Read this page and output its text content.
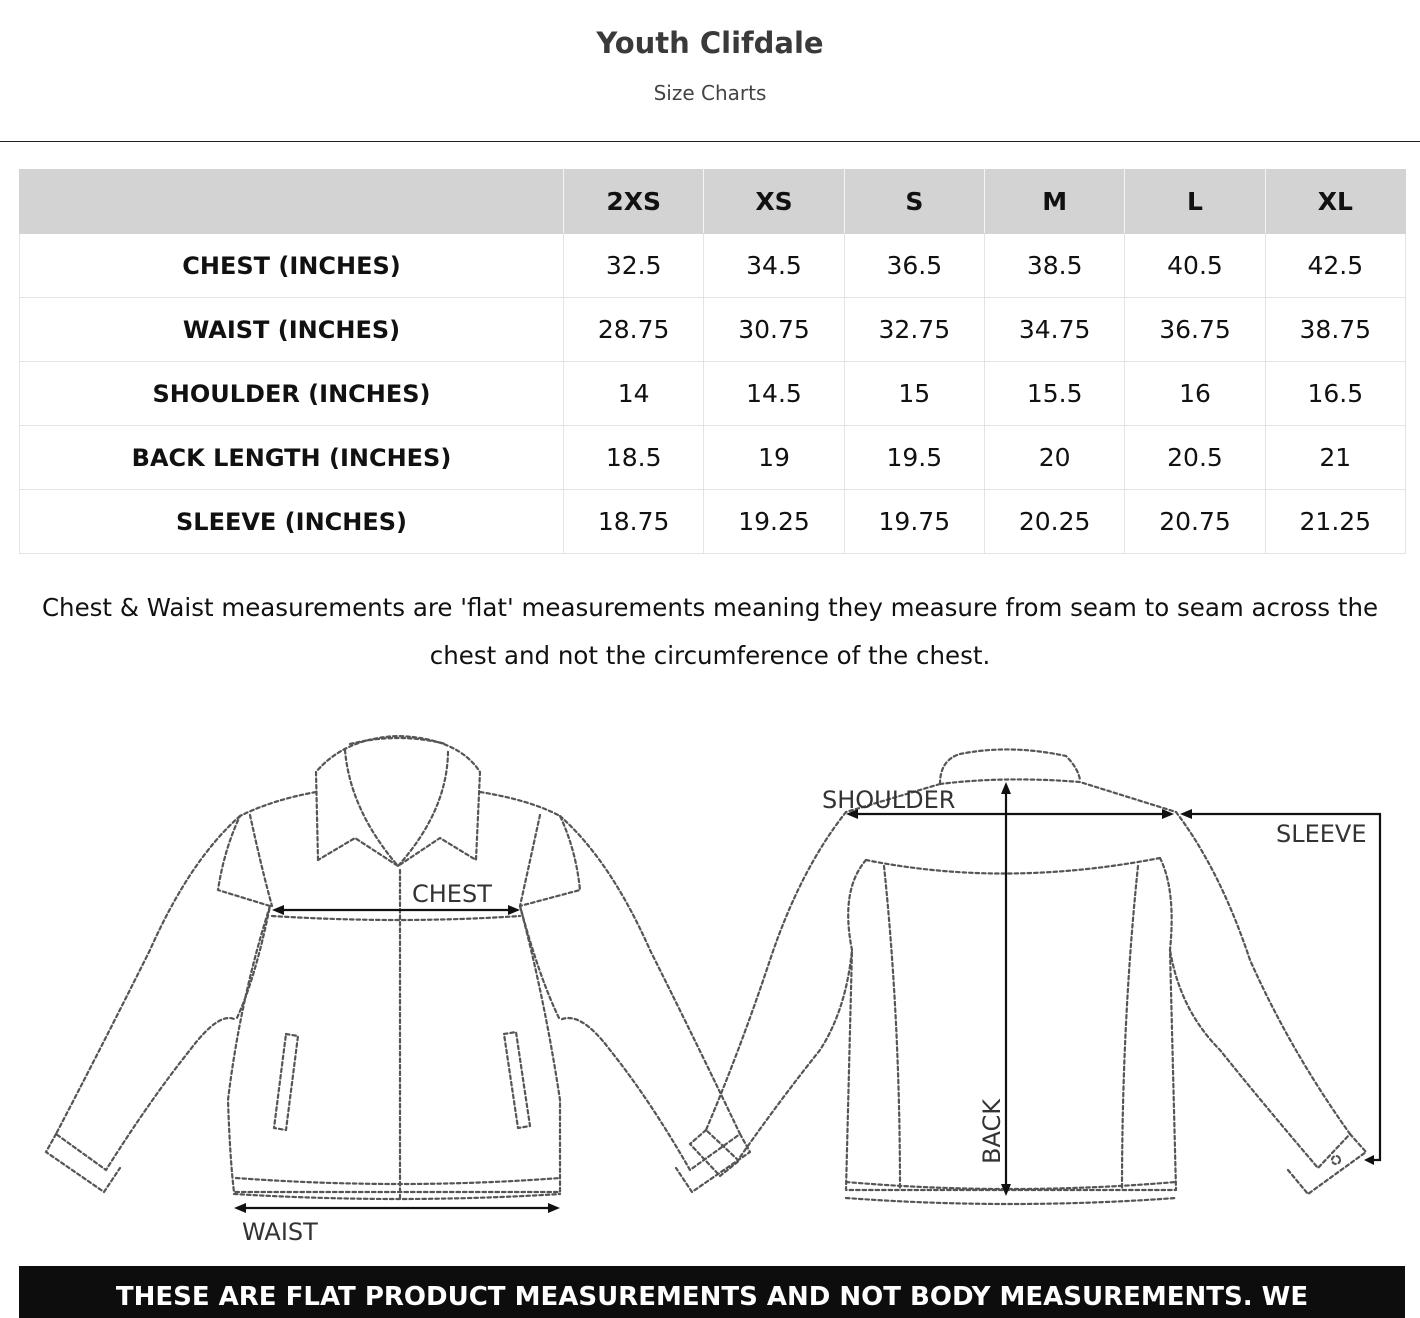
Youth Clifdale
Size Charts
	2XS	XS	S	M	L	XL
CHEST (INCHES)	32.5	34.5	36.5	38.5	40.5	42.5
WAIST (INCHES)	28.75	30.75	32.75	34.75	36.75	38.75
SHOULDER (INCHES)	14	14.5	15	15.5	16	16.5
BACK LENGTH (INCHES)	18.5	19	19.5	20	20.5	21
SLEEVE (INCHES)	18.75	19.25	19.75	20.25	20.75	21.25
Chest & Waist measurements are 'flat' measurements meaning they measure from seam to seam across the
chest and not the circumference of the chest.
CHEST
WAIST
SHOULDER
SLEEVE
BACK
THESE ARE FLAT PRODUCT MEASUREMENTS AND NOT BODY MEASUREMENTS. WE
